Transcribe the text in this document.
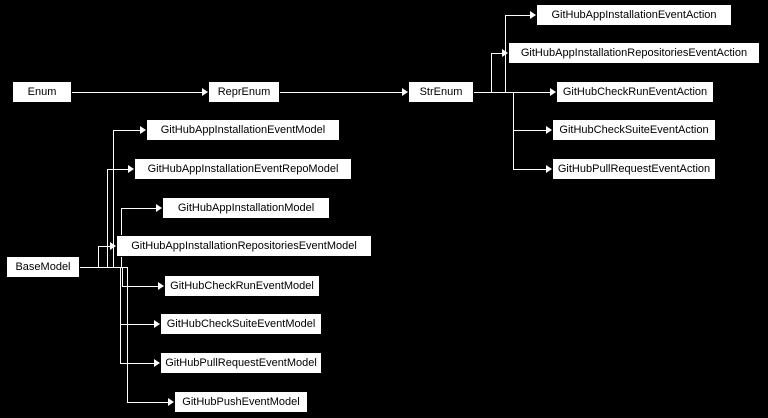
Enum	ReprEnum	StrEnum
BaseModel
GitHubAppInstallationEventAction
GitHubAppInstallationRepositoriesEventAction
GitHubCheckRunEventAction
GitHubCheckSuiteEventAction
GitHubPullRequestEventAction
GitHubAppInstallationEventModel
GitHubAppInstallationEventRepoModel
GitHubAppInstallationModel
GitHubAppInstallationRepositoriesEventModel
GitHubCheckRunEventModel
GitHubCheckSuiteEventModel
GitHubPullRequestEventModel
GitHubPushEventModel
